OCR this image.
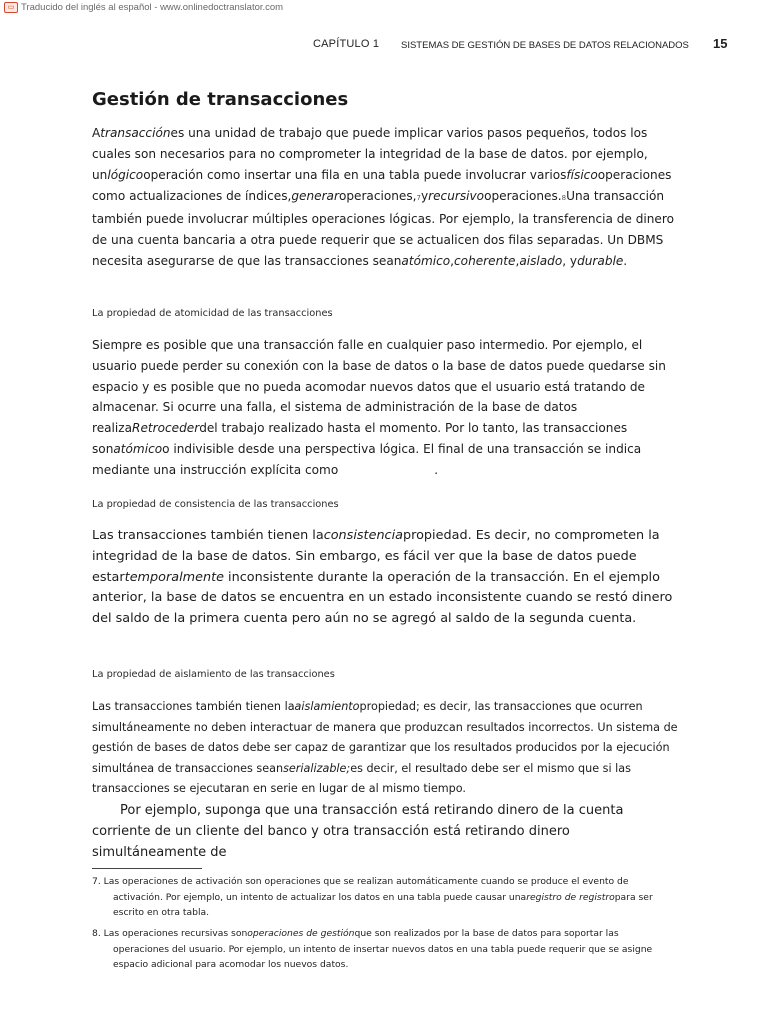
▭ Traducido del inglés al español - www.onlinedoctranslator.com
CAPÍTULO 1 SISTEMAS DE GESTIÓN DE BASES DE DATOS RELACIONADOS 15
Gestión de transacciones

Atransacciónes una unidad de trabajo que puede implicar varios pasos pequeños, todos los cuales son necesarios para no comprometer la integridad de la base de datos. por ejemplo, unlógicooperación como insertar una fila en una tabla puede involucrar variosfísicooperaciones como actualizaciones de índices,generaroperaciones,7yrecursivooperaciones.8Una transacción también puede involucrar múltiples operaciones lógicas. Por ejemplo, la transferencia de dinero de una cuenta bancaria a otra puede requerir que se actualicen dos filas separadas. Un DBMS necesita asegurarse de que las transacciones seanatómico,coherente,aislado, ydurable.

La propiedad de atomicidad de las transacciones

Siempre es posible que una transacción falle en cualquier paso intermedio. Por ejemplo, el usuario puede perder su conexión con la base de datos o la base de datos puede quedarse sin espacio y es posible que no pueda acomodar nuevos datos que el usuario está tratando de almacenar. Si ocurre una falla, el sistema de administración de la base de datos realizaRetrocederdel trabajo realizado hasta el momento. Por lo tanto, las transacciones sonatómicoo indivisible desde una perspectiva lógica. El final de una transacción se indica mediante una instrucción explícita como	.

La propiedad de consistencia de las transacciones

Las transacciones también tienen laconsistenciapropiedad. Es decir, no comprometen la integridad de la base de datos. Sin embargo, es fácil ver que la base de datos puede estartemporalmente inconsistente durante la operación de la transacción. En el ejemplo anterior, la base de datos se encuentra en un estado inconsistente cuando se restó dinero del saldo de la primera cuenta pero aún no se agregó al saldo de la segunda cuenta.

La propiedad de aislamiento de las transacciones

Las transacciones también tienen laaislamientopropiedad; es decir, las transacciones que ocurren simultáneamente no deben interactuar de manera que produzcan resultados incorrectos. Un sistema de gestión de bases de datos debe ser capaz de garantizar que los resultados producidos por la ejecución simultánea de transacciones seanserializable;es decir, el resultado debe ser el mismo que si las transacciones se ejecutaran en serie en lugar de al mismo tiempo.

Por ejemplo, suponga que una transacción está retirando dinero de la cuenta corriente de un cliente del banco y otra transacción está retirando dinero simultáneamente de

7. Las operaciones de activación son operaciones que se realizan automáticamente cuando se produce el evento de activación. Por ejemplo, un intento de actualizar los datos en una tabla puede causar unaregistro de registropara ser escrito en otra tabla.

8. Las operaciones recursivas sonoperaciones de gestiónque son realizados por la base de datos para soportar las operaciones del usuario. Por ejemplo, un intento de insertar nuevos datos en una tabla puede requerir que se asigne espacio adicional para acomodar los nuevos datos.
